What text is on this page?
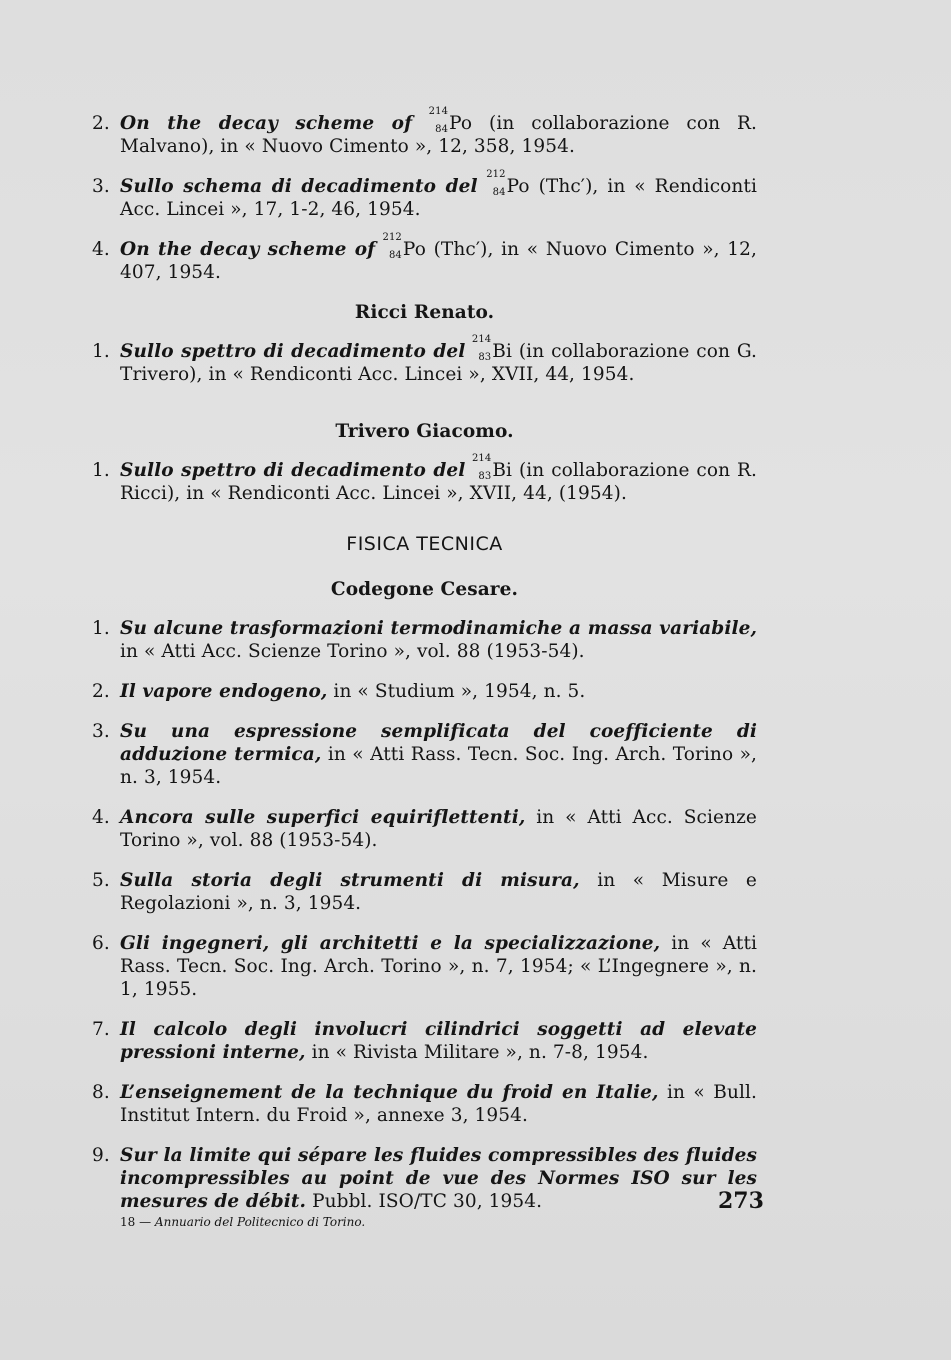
2. On the decay scheme of
214
84 Po (in collaborazione con R. Malvano), in « Nuovo Cimento », 12, 358, 1954.
3. Sullo schema di decadimento del
212
84 Po (Thc′), in « Rendiconti Acc. Lincei », 17, 1-2, 46, 1954.
4. On the decay scheme of
212
84 Po (Thc′), in « Nuovo Cimento », 12, 407, 1954.
Ricci Renato.
1. Sullo spettro di decadimento del
214
83 Bi (in collaborazione con G. Trivero), in « Rendiconti Acc. Lincei », XVII, 44, 1954.
Trivero Giacomo.
1. Sullo spettro di decadimento del
214
83 Bi (in collaborazione con R. Ricci), in « Rendiconti Acc. Lincei », XVII, 44, (1954).
FISICA TECNICA
Codegone Cesare.
1. Su alcune trasformazioni termodinamiche a massa variabile, in « Atti Acc. Scienze Torino », vol. 88 (1953-54).
2. Il vapore endogeno, in « Studium », 1954, n. 5.
3. Su una espressione semplificata del coefficiente di adduzione termica, in « Atti Rass. Tecn. Soc. Ing. Arch. Torino », n. 3, 1954.
4. Ancora sulle superfici equiriflettenti, in « Atti Acc. Scienze Torino », vol. 88 (1953-54).
5. Sulla storia degli strumenti di misura, in « Misure e Regolazioni », n. 3, 1954.
6. Gli ingegneri, gli architetti e la specializzazione, in « Atti Rass. Tecn. Soc. Ing. Arch. Torino », n. 7, 1954; « L’Ingegnere », n. 1, 1955.
7. Il calcolo degli involucri cilindrici soggetti ad elevate pressioni interne, in « Rivista Militare », n. 7-8, 1954.
8. L’enseignement de la technique du froid en Italie, in « Bull. Institut Intern. du Froid », annexe 3, 1954.
9. Sur la limite qui sépare les fluides compressibles des fluides incompressibles au point de vue des Normes ISO sur les mesures de débit. Pubbl. ISO/TC 30, 1954.	273
18 — Annuario del Politecnico di Torino.
